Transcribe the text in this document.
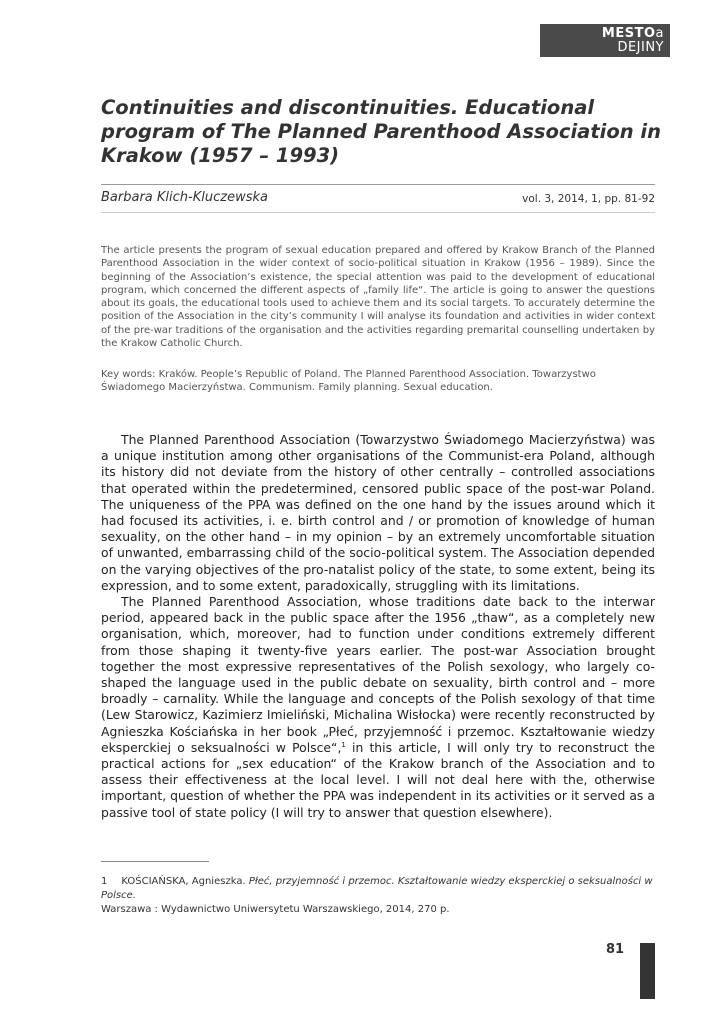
MESTOa
DEJINY
Continuities and discontinuities. Educational program of The Planned Parenthood Association in Krakow (1957 – 1993)
Barbara Klich-Kluczewska	vol. 3, 2014, 1, pp. 81-92

The article presents the program of sexual education prepared and offered by Krakow Branch of the Planned Parenthood Association in the wider context of socio-political situation in Krakow (1956 – 1989). Since the beginning of the Association’s existence, the special attention was paid to the development of educational program, which concerned the different aspects of „family life“. The article is going to answer the questions about its goals, the educational tools used to achieve them and its social targets. To accurately determine the position of the Association in the city’s community I will analyse its foundation and activities in wider context of the pre-war traditions of the organisation and the activities regarding premarital counselling undertaken by the Krakow Catholic Church.

Key words: Kraków. People’s Republic of Poland. The Planned Parenthood Association. Towarzystwo Świadomego Macierzyństwa. Communism. Family planning. Sexual education.

The Planned Parenthood Association (Towarzystwo Świadomego Macierzyństwa) was a unique institution among other organisations of the Communist-era Poland, although its history did not deviate from the history of other centrally – controlled associations that operated within the predetermined, censored public space of the post-war Poland. The uniqueness of the PPA was defined on the one hand by the issues around which it had focused its activities, i. e. birth control and / or promotion of knowledge of human sexuality, on the other hand – in my opinion – by an extremely uncomfortable situation of unwanted, embarrassing child of the socio-political system. The Association depended on the varying objectives of the pro-natalist policy of the state, to some extent, being its expression, and to some extent, paradoxically, struggling with its limitations.

The Planned Parenthood Association, whose traditions date back to the interwar period, appeared back in the public space after the 1956 „thaw“, as a completely new organisation, which, moreover, had to function under conditions extremely different from those shaping it twenty-five years earlier. The post-war Association brought together the most expressive representatives of the Polish sexology, who largely co-shaped the language used in the public debate on sexuality, birth control and – more broadly – carnality. While the language and concepts of the Polish sexology of that time (Lew Starowicz, Kazimierz Imieliński, Michalina Wisłocka) were recently reconstructed by Agnieszka Kościańska in her book „Płeć, przyjemność i przemoc. Kształtowanie wiedzy eksperckiej o seksualności w Polsce“,$^1$ in this article, I will only try to reconstruct the practical actions for „sex education“ of the Krakow branch of the Association and to assess their effectiveness at the local level. I will not deal here with the, otherwise important, question of whether the PPA was independent in its activities or it served as a passive tool of state policy (I will try to answer that question elsewhere).

1 KOŚCIAŃSKA, Agnieszka. Płeć, przyjemność i przemoc. Kształtowanie wiedzy eksperckiej o seksualności w Polsce.
Warszawa : Wydawnictwo Uniwersytetu Warszawskiego, 2014, 270 p.

81
